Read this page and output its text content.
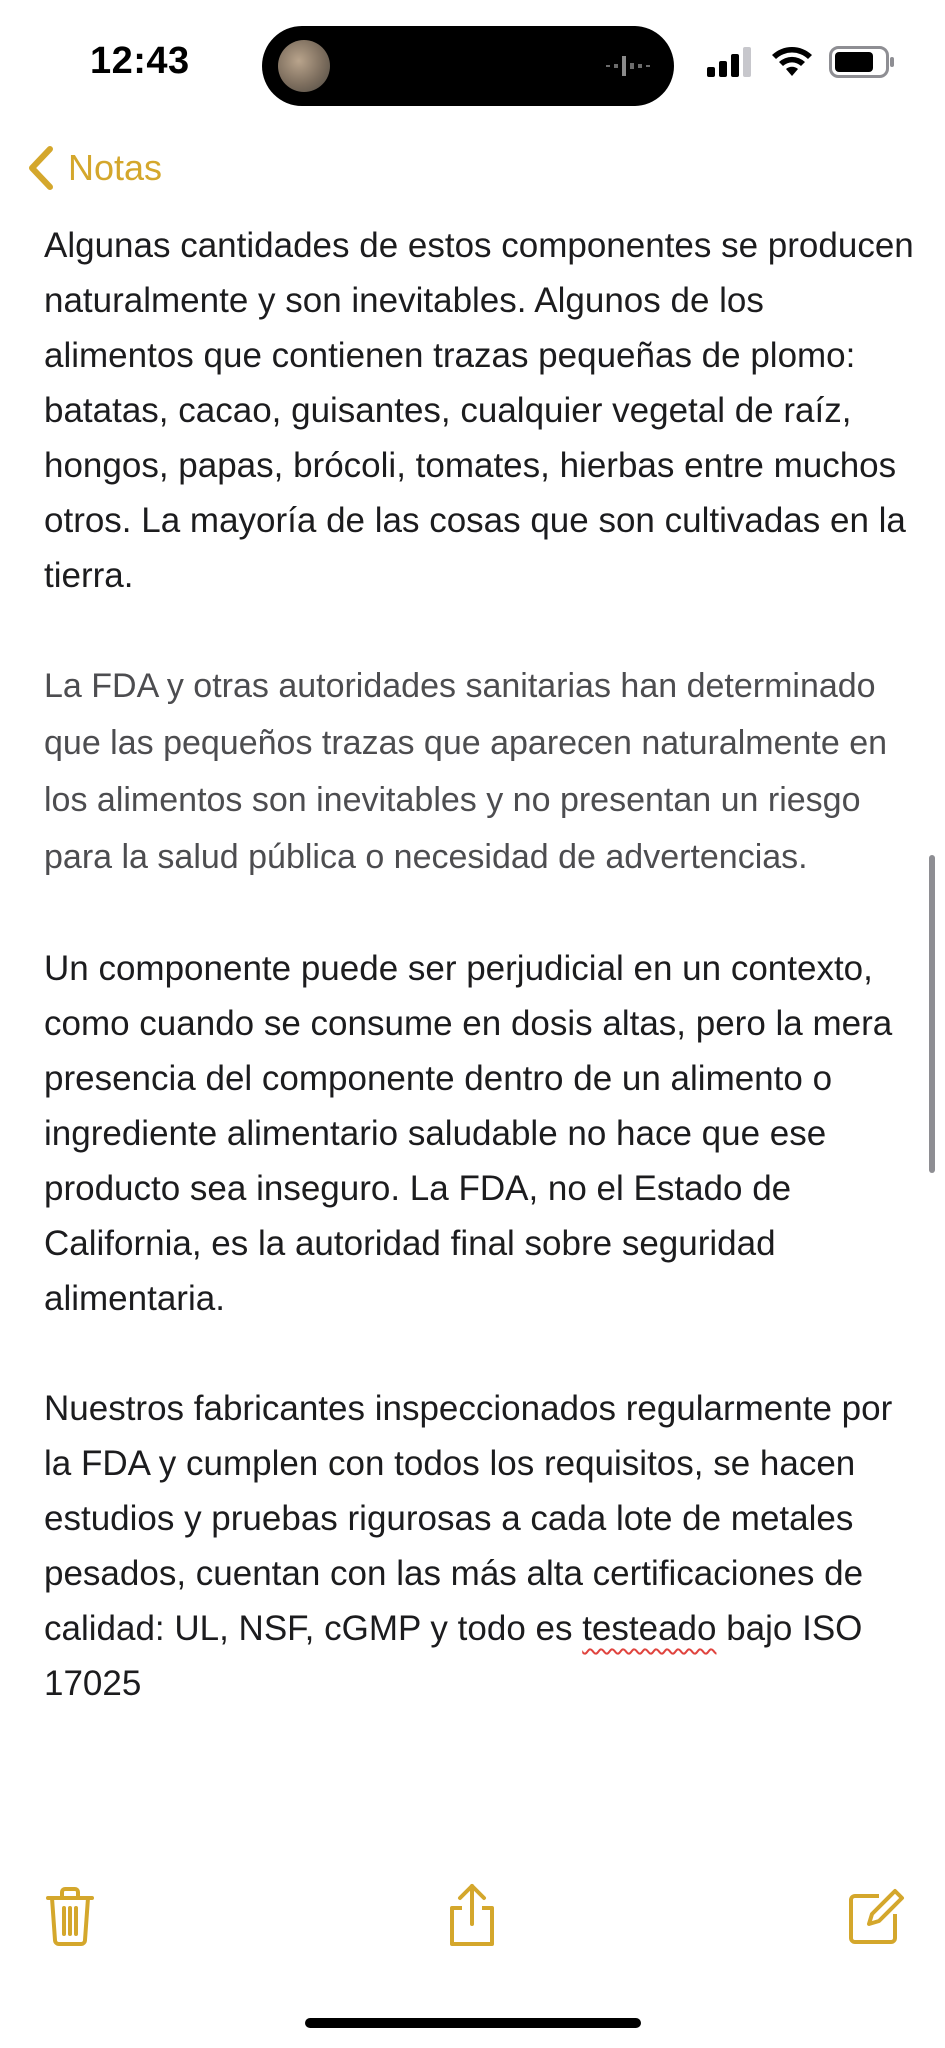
12:43
Notas

Algunas cantidades de estos componentes se producen naturalmente y son inevitables. Algunos de los alimentos que contienen trazas pequeñas de plomo: batatas, cacao, guisantes, cualquier vegetal de raíz, hongos, papas, brócoli, tomates, hierbas entre muchos otros. La mayoría de las cosas que son cultivadas en la tierra.

La FDA y otras autoridades sanitarias han determinado que las pequeños trazas que aparecen naturalmente en los alimentos son inevitables y no presentan un riesgo para la salud pública o necesidad de advertencias.

Un componente puede ser perjudicial en un contexto, como cuando se consume en dosis altas, pero la mera presencia del componente dentro de un alimento o ingrediente alimentario saludable no hace que ese producto sea inseguro. La FDA, no el Estado de California, es la autoridad final sobre seguridad alimentaria.

Nuestros fabricantes inspeccionados regularmente por la FDA y cumplen con todos los requisitos, se hacen estudios y pruebas rigurosas a cada lote de metales pesados, cuentan con las más alta certificaciones de calidad: UL, NSF, cGMP y todo es testeado bajo ISO 17025
